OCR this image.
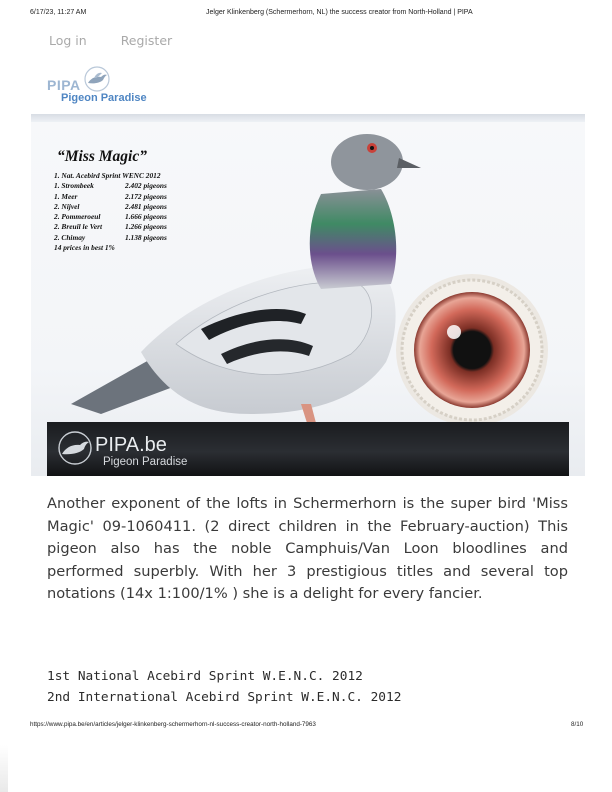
6/17/23, 11:27 AM	Jelger Klinkenberg (Schermerhorn, NL) the success creator from North-Holland | PIPA
Log in	Register
PIPA
Pigeon Paradise
“Miss Magic”
1. Nat. Acebird Sprint WENC 2012	
1. Strombeek	2.402 pigeons
1. Meer	2.172 pigeons
2. Nijvel	2.481 pigeons
2. Pommeroeul	1.666 pigeons
2. Breuil le Vert	1.266 pigeons
2. Chimay	1.138 pigeons
14 prices in best 1%
PIPA.be
Pigeon Paradise

Another exponent of the lofts in Schermerhorn is the super bird 'Miss Magic' 09-1060411. (2 direct children in the February-auction) This pigeon also has the noble Camphuis/Van Loon bloodlines and performed superbly. With her 3 prestigious titles and several top notations (14x 1:100/1% ) she is a delight for every fancier.

1st National Acebird Sprint W.E.N.C. 2012
2nd International Acebird Sprint W.E.N.C. 2012
https://www.pipa.be/en/articles/jelger-klinkenberg-schermerhorn-nl-success-creator-north-holland-7963	8/10
